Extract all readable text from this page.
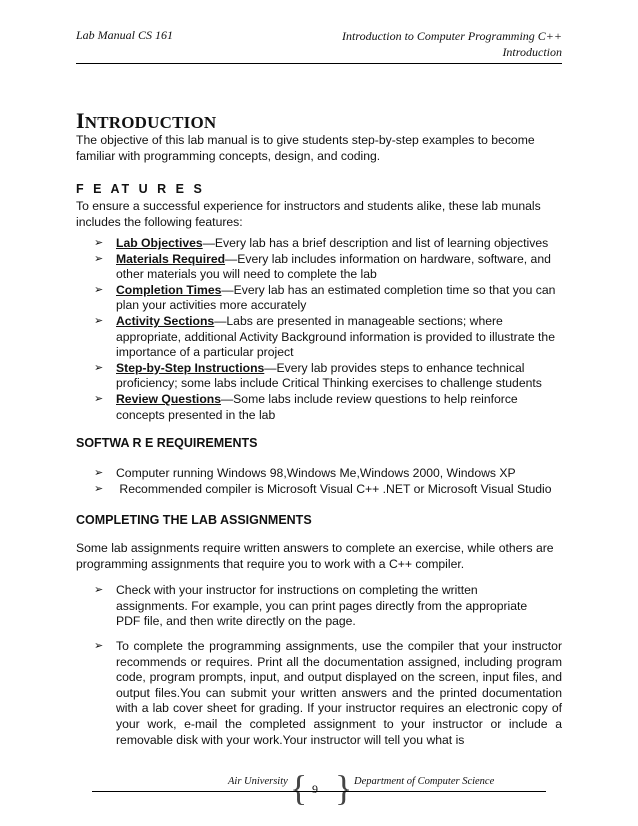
Lab Manual CS 161	Introduction to Computer Programming C++
Introduction
INTRODUCTION
The objective of this lab manual is to give students step-by-step examples to become familiar with programming concepts, design, and coding.
F E AT U R E S
To ensure a successful experience for instructors and students alike, these lab munals includes the following features:
➢ Lab Objectives—Every lab has a brief description and list of learning objectives
➢ Materials Required—Every lab includes information on hardware, software, and other materials you will need to complete the lab
➢ Completion Times—Every lab has an estimated completion time so that you can plan your activities more accurately
➢ Activity Sections—Labs are presented in manageable sections; where appropriate, additional Activity Background information is provided to illustrate the importance of a particular project
➢ Step-by-Step Instructions—Every lab provides steps to enhance technical proficiency; some labs include Critical Thinking exercises to challenge students
➢ Review Questions—Some labs include review questions to help reinforce concepts presented in the lab
SOFTWA R E REQUIREMENTS
➢ Computer running Windows 98,Windows Me,Windows 2000, Windows XP
➢ Recommended compiler is Microsoft Visual C++ .NET or Microsoft Visual Studio
COMPLETING THE LAB ASSIGNMENTS
Some lab assignments require written answers to complete an exercise, while others are programming assignments that require you to work with a C++ compiler.
➢ Check with your instructor for instructions on completing the written assignments. For example, you can print pages directly from the appropriate PDF file, and then write directly on the page.
➢ To complete the programming assignments, use the compiler that your instructor recommends or requires. Print all the documentation assigned, including program code, program prompts, input, and output displayed on the screen, input files, and output files.You can submit your written answers and the printed documentation with a lab cover sheet for grading. If your instructor requires an electronic copy of your work, e-mail the completed assignment to your instructor or include a removable disk with your work.Your instructor will tell you what is
Air University { 9 } Department of Computer Science
